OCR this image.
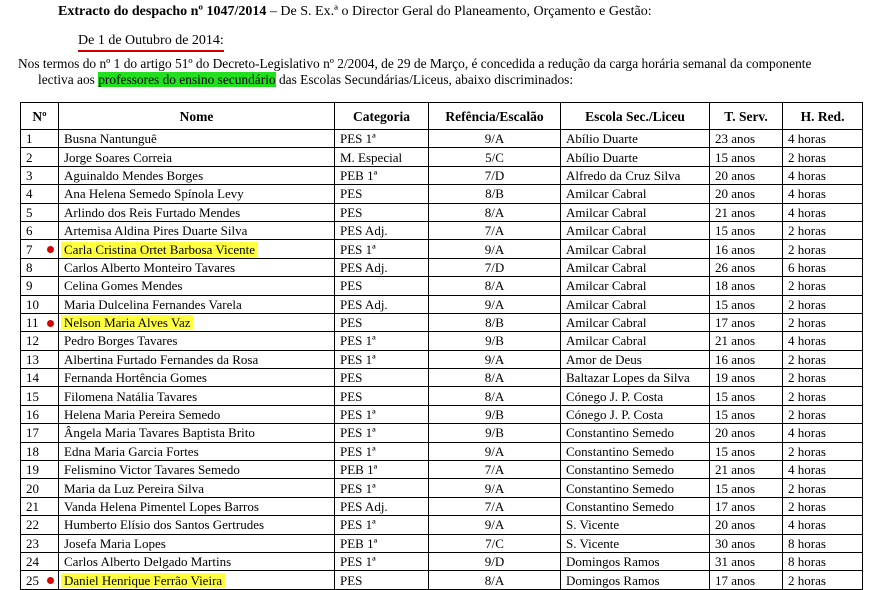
Extracto do despacho nº 1047/2014 – De S. Ex.ª o Director Geral do Planeamento, Orçamento e Gestão:
De 1 de Outubro de 2014:
Nos termos do nº 1 do artigo 51º do Decreto-Legislativo nº 2/2004, de 29 de Março, é concedida a redução da carga horária semanal da componente
lectiva aos professores do ensino secundário das Escolas Secundárias/Liceus, abaixo discriminados:
Nº	Nome	Categoria	Refência/Escalão	Escola Sec./Liceu	T. Serv.	H. Red.
1	Busna Nantunguê	PES 1ª	9/A	Abílio Duarte	23 anos	4 horas
2	Jorge Soares Correia	M. Especial	5/C	Abílio Duarte	15 anos	2 horas
3	Aguinaldo Mendes Borges	PEB 1ª	7/D	Alfredo da Cruz Silva	20 anos	4 horas
4	Ana Helena Semedo Spínola Levy	PES	8/B	Amilcar Cabral	20 anos	4 horas
5	Arlindo dos Reis Furtado Mendes	PES	8/A	Amilcar Cabral	21 anos	4 horas
6	Artemisa Aldina Pires Duarte Silva	PES Adj.	7/A	Amilcar Cabral	15 anos	2 horas
7	Carla Cristina Ortet Barbosa Vicente	PES 1ª	9/A	Amilcar Cabral	16 anos	2 horas
8	Carlos Alberto Monteiro Tavares	PES Adj.	7/D	Amilcar Cabral	26 anos	6 horas
9	Celina Gomes Mendes	PES	8/A	Amilcar Cabral	18 anos	2 horas
10	Maria Dulcelina Fernandes Varela	PES Adj.	9/A	Amilcar Cabral	15 anos	2 horas
11	Nelson Maria Alves Vaz	PES	8/B	Amilcar Cabral	17 anos	2 horas
12	Pedro Borges Tavares	PES 1ª	9/B	Amilcar Cabral	21 anos	4 horas
13	Albertina Furtado Fernandes da Rosa	PES 1ª	9/A	Amor de Deus	16 anos	2 horas
14	Fernanda Hortência Gomes	PES	8/A	Baltazar Lopes da Silva	19 anos	2 horas
15	Filomena Natália Tavares	PES	8/A	Cónego J. P. Costa	15 anos	2 horas
16	Helena Maria Pereira Semedo	PES 1ª	9/B	Cónego J. P. Costa	15 anos	2 horas
17	Ângela Maria Tavares Baptista Brito	PES 1ª	9/B	Constantino Semedo	20 anos	4 horas
18	Edna Maria Garcia Fortes	PES 1ª	9/A	Constantino Semedo	15 anos	2 horas
19	Felismino Victor Tavares Semedo	PEB 1ª	7/A	Constantino Semedo	21 anos	4 horas
20	Maria da Luz Pereira Silva	PES 1ª	9/A	Constantino Semedo	15 anos	2 horas
21	Vanda Helena Pimentel Lopes Barros	PES Adj.	7/A	Constantino Semedo	17 anos	2 horas
22	Humberto Elísio dos Santos Gertrudes	PES 1ª	9/A	S. Vicente	20 anos	4 horas
23	Josefa Maria Lopes	PEB 1ª	7/C	S. Vicente	30 anos	8 horas
24	Carlos Alberto Delgado Martins	PES 1ª	9/D	Domingos Ramos	31 anos	8 horas
25	Daniel Henrique Ferrão Vieira	PES	8/A	Domingos Ramos	17 anos	2 horas
